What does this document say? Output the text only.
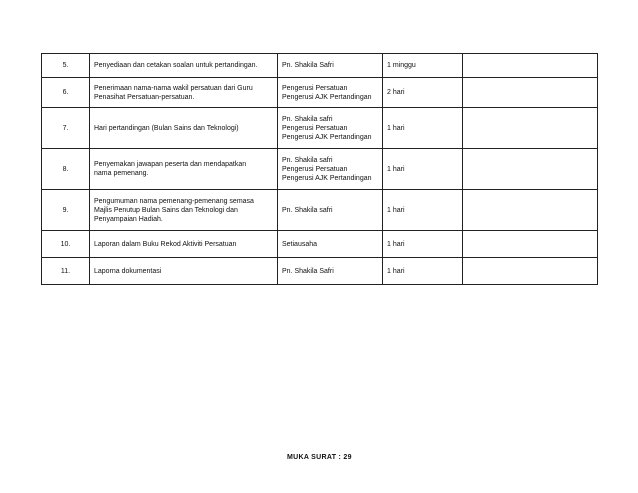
5.	Penyediaan dan cetakan soalan untuk pertandingan.	Pn. Shakila Safri	1 minggu	
6.	Penerimaan nama-nama wakil persatuan dari Guru
Penasihat Persatuan-persatuan.	Pengerusi Persatuan
Pengerusi AJK Pertandingan	2 hari	
7.	Hari pertandingan (Bulan Sains dan Teknologi)	Pn. Shakila safri
Pengerusi Persatuan
Pengerusi AJK Pertandingan	1 hari	
8.	Penyemakan jawapan peserta dan mendapatkan
nama pemenang.	Pn. Shakila safri
Pengerusi Persatuan
Pengerusi AJK Pertandingan	1 hari	
9.	Pengumuman nama pemenang-pemenang semasa
Majlis Penutup Bulan Sains dan Teknologi dan
Penyampaian Hadiah.	Pn. Shakila safri	1 hari	
10.	Laporan dalam Buku Rekod Aktiviti Persatuan	Setiausaha	1 hari	
11.	Laporna dokumentasi	Pn. Shakila Safri	1 hari	
MUKA SURAT : 29
